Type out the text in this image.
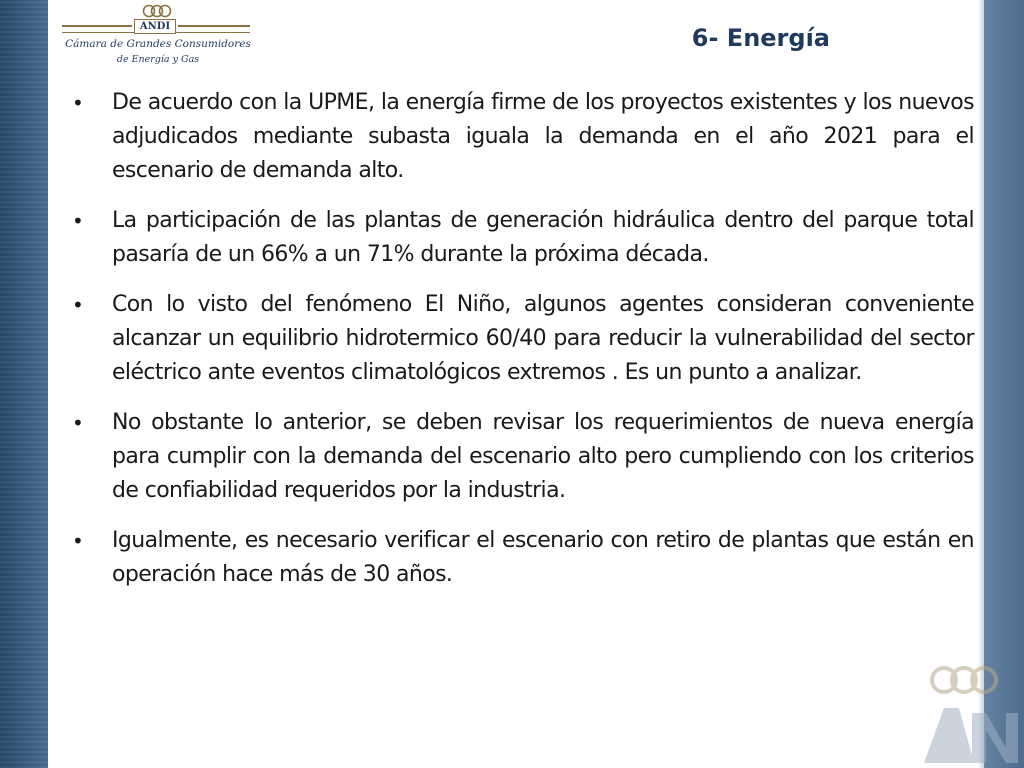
ANDI
Cámara de Grandes Consumidores
de Energía y Gas
6- Energía
• De acuerdo con la UPME, la energía firme de los proyectos existentes y los nuevos adjudicados mediante subasta iguala la demanda en el año 2021 para el escenario de demanda alto.
• La participación de las plantas de generación hidráulica dentro del parque total pasaría de un 66% a un 71% durante la próxima década.
• Con lo visto del fenómeno El Niño, algunos agentes consideran conveniente alcanzar un equilibrio hidrotermico 60/40 para reducir la vulnerabilidad del sector eléctrico ante eventos climatológicos extremos . Es un punto a analizar.
• No obstante lo anterior, se deben revisar los requerimientos de nueva energía para cumplir con la demanda del escenario alto pero cumpliendo con los criterios de confiabilidad requeridos por la industria.
• Igualmente, es necesario verificar el escenario con retiro de plantas que están en operación hace más de 30 años.
